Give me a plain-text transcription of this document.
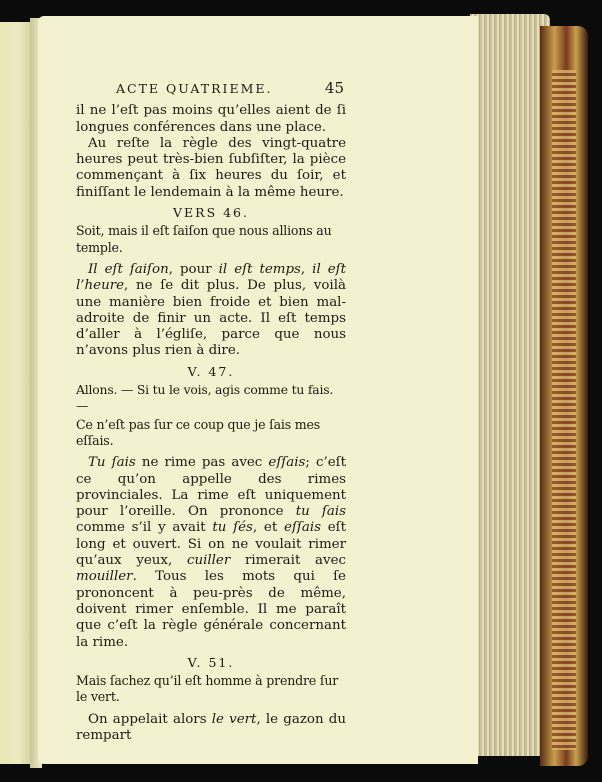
ACTE QUATRIEME.	45

il ne l’eſt pas moins qu’elles aient de ſi longues conférences dans une place.

Au reſte la règle des vingt-quatre heures peut très-bien ſubſiſter, la pièce commençant à ſix heures du ſoir, et finiſſant le lendemain à la même heure.

VERS 46.

Soit, mais il eſt ſaiſon que nous allions au temple.

Il eſt ſaiſon, pour il eſt temps, il eſt l’heure, ne ſe dit plus. De plus, voilà une manière bien froide et bien mal-adroite de finir un acte. Il eſt temps d’aller à l’égliſe, parce que nous n’avons plus rien à dire.

V. 47.

Allons. — Si tu le vois, agis comme tu fais. —

Ce n’eſt pas ſur ce coup que je ſais mes eſſais.

Tu ſais ne rime pas avec eſſais; c’eſt ce qu’on appelle des rimes provinciales. La rime eſt uniquement pour l’oreille. On prononce tu ſais comme s’il y avait tu ſés, et eſſais eſt long et ouvert. Si on ne voulait rimer qu’aux yeux, cuiller rimerait avec mouiller. Tous les mots qui ſe prononcent à peu-près de même, doivent rimer enſemble. Il me paraît que c’eſt la règle générale concernant la rime.

V. 51.

Mais ſachez qu’il eſt homme à prendre ſur le vert.

On appelait alors le vert, le gazon du rempart
